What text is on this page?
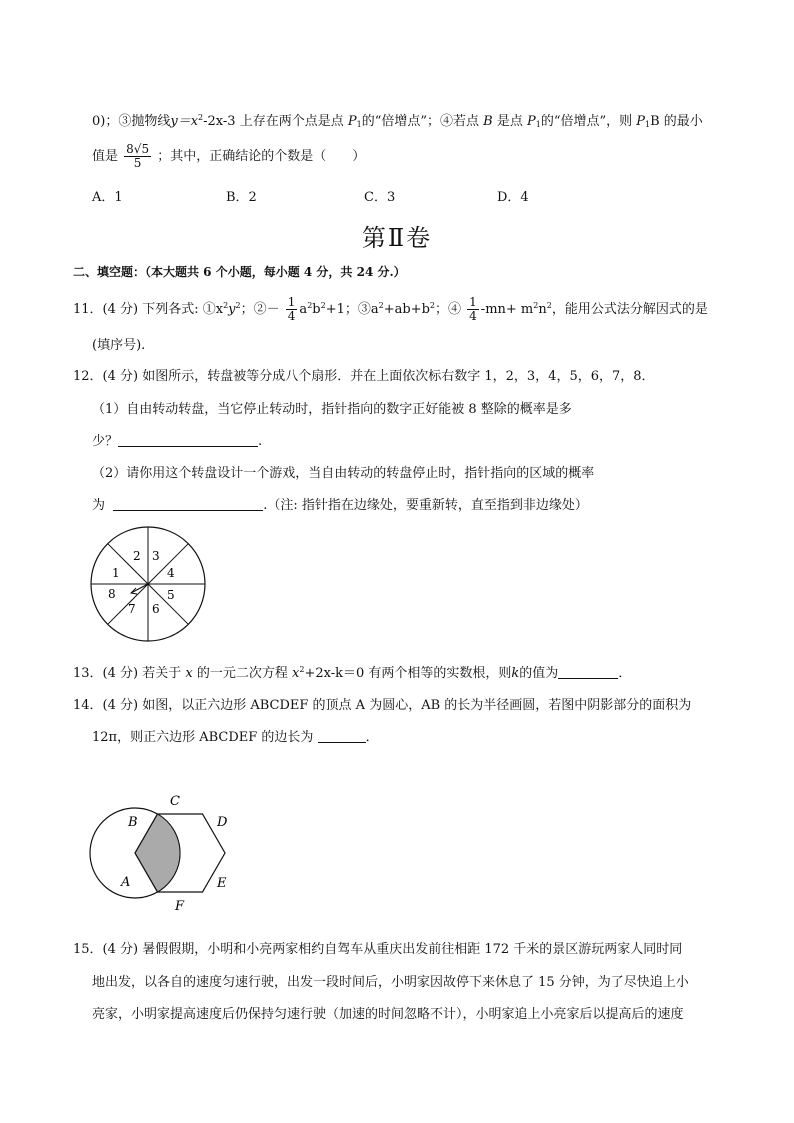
0)；③抛物线$y=x^2-2x-3$ 上存在两个点是点 $P_1$的“倍增点”；④若点 B 是点 $P_1$的“倍增点”，则 $P_1B$ 的最小
值是 $\frac{8√5}{5}$ ；其中，正确结论的个数是（　　）
A．1	B．2	C．3	D．4
第Ⅱ卷
二、填空题：（本大题共 6 个小题，每小题 4 分，共 24 分.）
11．(4 分) 下列各式: $①x^2y^2$；②－ $\frac{1}{4} a^2b^2+1$；$③a^2+ab+b^2$；④ $\frac{1}{4} -mn+ m^2n^2$，能用公式法分解因式的是
(填序号).
12．(4 分) 如图所示，转盘被等分成八个扇形．并在上面依次标右数字 1，2，3，4，5，6，7，8．
（1）自由转动转盘，当它停止转动时，指针指向的数字正好能被 8 整除的概率是多
少？	.
（2）请你用这个转盘设计一个游戏，当自由转动的转盘停止时，指针指向的区域的概率
为	.（注: 指针指在边缘处，要重新转，直至指到非边缘处）
2 3
4
5
6
7
8
1
13．(4 分) 若关于 x 的一元二次方程 $x^2+2x-k=0$ 有两个相等的实数根，则k的值为	．
14．(4 分) 如图，以正六边形 ABCDEF 的顶点 A 为圆心，AB 的长为半径画圆，若图中阴影部分的面积为
12π，则正六边形 ABCDEF 的边长为	．
A
B
C
D
E
F
15．(4 分) 暑假假期，小明和小亮两家相约自驾车从重庆出发前往相距 172 千米的景区游玩两家人同时同
地出发，以各自的速度匀速行驶，出发一段时间后，小明家因故停下来休息了 15 分钟，为了尽快追上小
亮家，小明家提高速度后仍保持匀速行驶（加速的时间忽略不计），小明家追上小亮家后以提高后的速度
